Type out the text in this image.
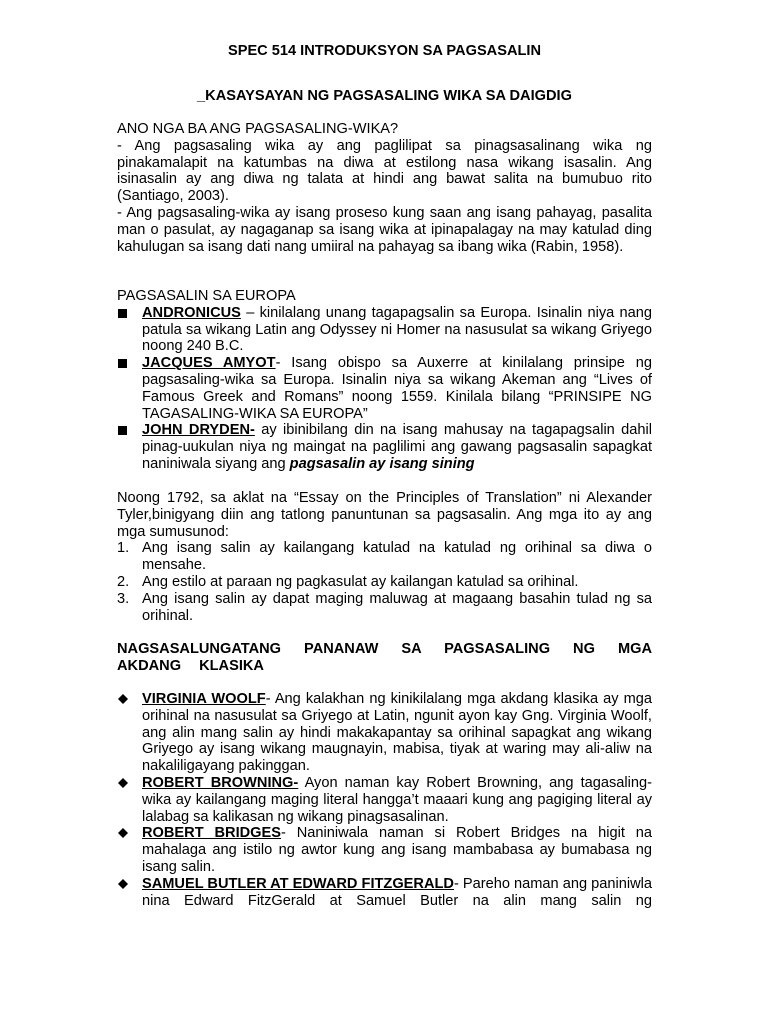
SPEC 514 INTRODUKSYON SA PAGSASALIN
_KASAYSAYAN NG PAGSASALING WIKA SA DAIGDIG

ANO NGA BA ANG PAGSASALING-WIKA?

- Ang pagsasaling wika ay ang paglilipat sa pinagsasalinang wika ng pinakamalapit na katumbas na diwa at estilong nasa wikang isasalin. Ang isinasalin ay ang diwa ng talata at hindi ang bawat salita na bumubuo rito (Santiago, 2003).

- Ang pagsasaling-wika ay isang proseso kung saan ang isang pahayag, pasalita man o pasulat, ay nagaganap sa isang wika at ipinapalagay na may katulad ding kahulugan sa isang dati nang umiiral na pahayag sa ibang wika (Rabin, 1958).

PAGSASALIN SA EUROPA

ANDRONICUS – kinilalang unang tagapagsalin sa Europa. Isinalin niya nang patula sa wikang Latin ang Odyssey ni Homer na nasusulat sa wikang Griyego noong 240 B.C.
JACQUES AMYOT- Isang obispo sa Auxerre at kinilalang prinsipe ng pagsasaling-wika sa Europa. Isinalin niya sa wikang Akeman ang “Lives of Famous Greek and Romans” noong 1559. Kinilala bilang “PRINSIPE NG TAGASALING-WIKA SA EUROPA”
JOHN DRYDEN- ay ibinibilang din na isang mahusay na tagapagsalin dahil pinag-uukulan niya ng maingat na paglilimi ang gawang pagsasalin sapagkat naniniwala siyang ang pagsasalin ay isang sining

Noong 1792, sa aklat na “Essay on the Principles of Translation” ni Alexander Tyler,binigyang diin ang tatlong panuntunan sa pagsasalin. Ang mga ito ay ang mga sumusunod:

1. Ang isang salin ay kailangang katulad na katulad ng orihinal sa diwa o mensahe.
2. Ang estilo at paraan ng pagkasulat ay kailangan katulad sa orihinal.
3. Ang isang salin ay dapat maging maluwag at magaang basahin tulad ng sa orihinal.

NAGSASALUNGATANG PANANAW SA PAGSASALING NG MGA AKDANG KLASIKA

VIRGINIA WOOLF- Ang kalakhan ng kinikilalang mga akdang klasika ay mga orihinal na nasusulat sa Griyego at Latin, ngunit ayon kay Gng. Virginia Woolf, ang alin mang salin ay hindi makakapantay sa orihinal sapagkat ang wikang Griyego ay isang wikang maugnayin, mabisa, tiyak at waring may ali-aliw na nakaliligayang pakinggan.
ROBERT BROWNING- Ayon naman kay Robert Browning, ang tagasaling-wika ay kailangang maging literal hangga’t maaari kung ang pagiging literal ay lalabag sa kalikasan ng wikang pinagsasalinan.
ROBERT BRIDGES- Naniniwala naman si Robert Bridges na higit na mahalaga ang istilo ng awtor kung ang isang mambabasa ay bumabasa ng isang salin.
SAMUEL BUTLER AT EDWARD FITZGERALD- Pareho naman ang paniniwla nina Edward FitzGerald at Samuel Butler na alin mang salin ng
